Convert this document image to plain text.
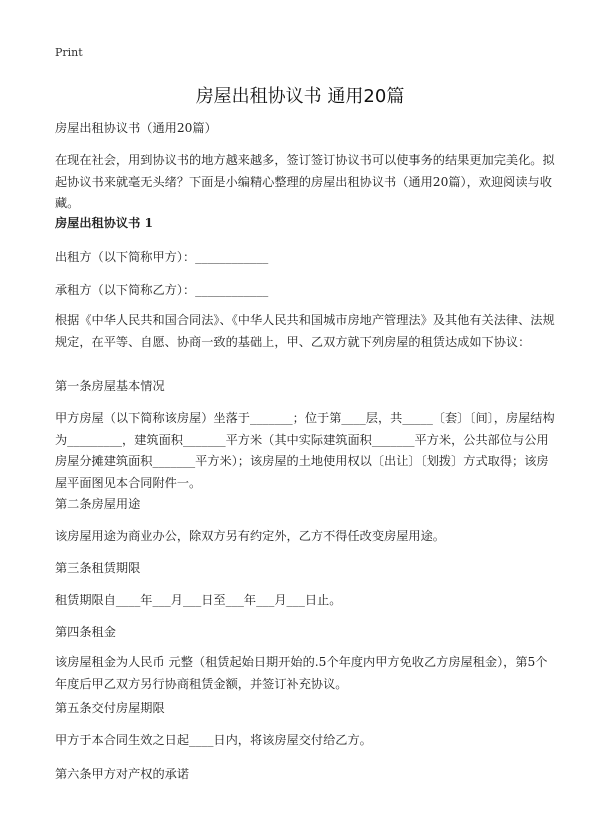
Print
房屋出租协议书 通用20篇
房屋出租协议书（通用20篇）
在现在社会，用到协议书的地方越来越多，签订签订协议书可以使事务的结果更加完美化。拟起协议书来就毫无头绪？下面是小编精心整理的房屋出租协议书（通用20篇），欢迎阅读与收藏。
房屋出租协议书 1
出租方（以下简称甲方）：____________
承租方（以下简称乙方）：____________
根据《中华人民共和国合同法》、《中华人民共和国城市房地产管理法》及其他有关法律、法规规定，在平等、自愿、协商一致的基础上，甲、乙双方就下列房屋的租赁达成如下协议：
第一条房屋基本情况
甲方房屋（以下简称该房屋）坐落于_______；位于第____层，共_____〔套〕〔间〕，房屋结构为_________，建筑面积_______平方米（其中实际建筑面积_______平方米，公共部位与公用房屋分摊建筑面积_______平方米）；该房屋的土地使用权以〔出让〕〔划拨〕方式取得；该房屋平面图见本合同附件一。
第二条房屋用途
该房屋用途为商业办公，除双方另有约定外，乙方不得任改变房屋用途。
第三条租赁期限
租赁期限自____年___月___日至___年___月___日止。
第四条租金
该房屋租金为人民币 元整（租赁起始日期开始的.5个年度内甲方免收乙方房屋租金），第5个年度后甲乙双方另行协商租赁金额，并签订补充协议。
第五条交付房屋期限
甲方于本合同生效之日起____日内，将该房屋交付给乙方。
第六条甲方对产权的承诺
